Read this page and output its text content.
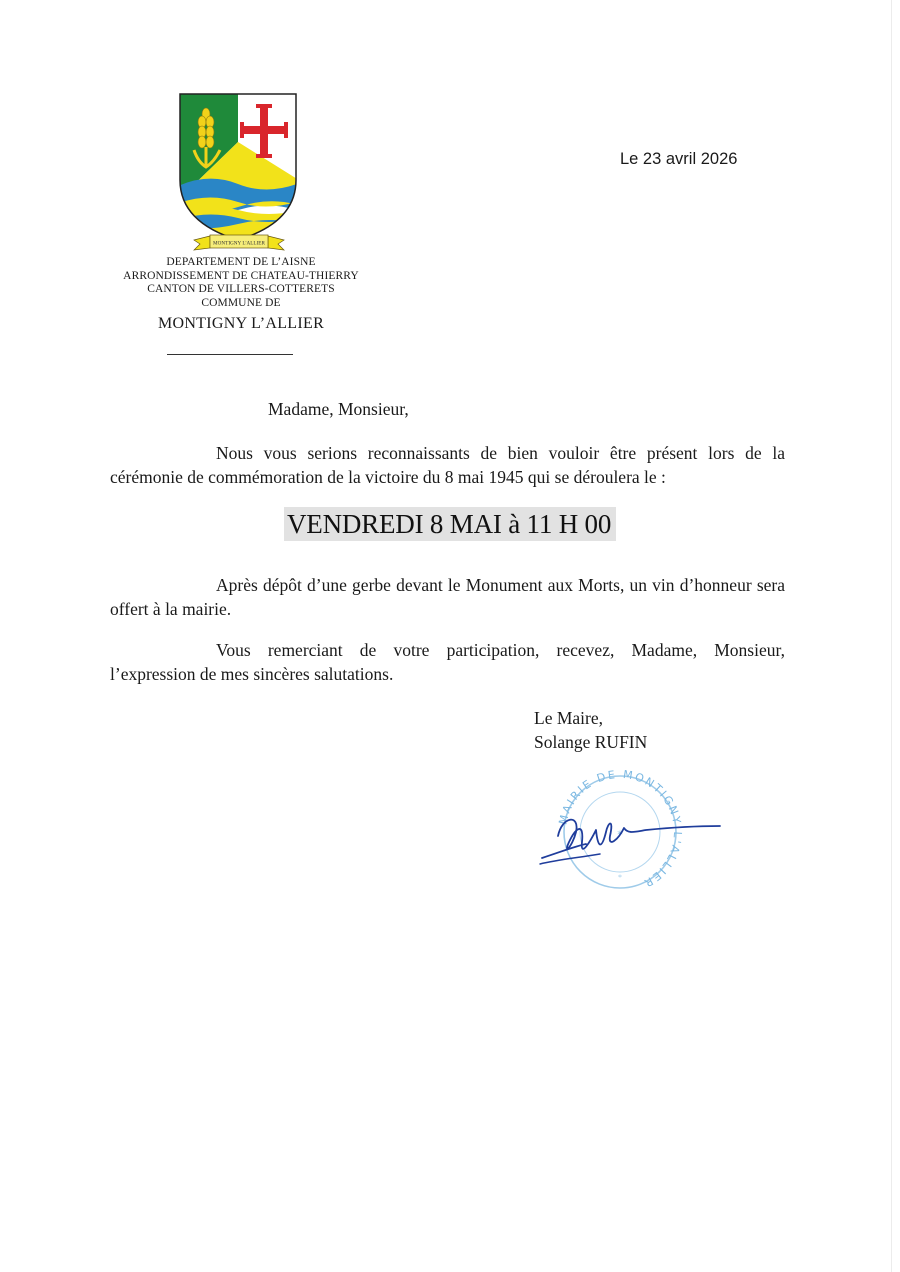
MONTIGNY L'ALLIER
DEPARTEMENT DE L’AISNE
ARRONDISSEMENT DE CHATEAU-THIERRY
CANTON DE VILLERS-COTTERETS
COMMUNE DE
MONTIGNY L’ALLIER
Le 23 avril 2026
Madame, Monsieur,
Nous vous serions reconnaissants de bien vouloir être présent lors de la cérémonie de commémoration de la victoire du 8 mai 1945 qui se déroulera le :
VENDREDI 8 MAI à 11 H 00
Après dépôt d’une gerbe devant le Monument aux Morts, un vin d’honneur sera offert à la mairie.
Vous remerciant de votre participation, recevez, Madame, Monsieur, l’expression de mes sincères salutations.
Le Maire,
Solange RUFIN
MAIRIE DE MONTIGNY L'ALLIER
✶
*
